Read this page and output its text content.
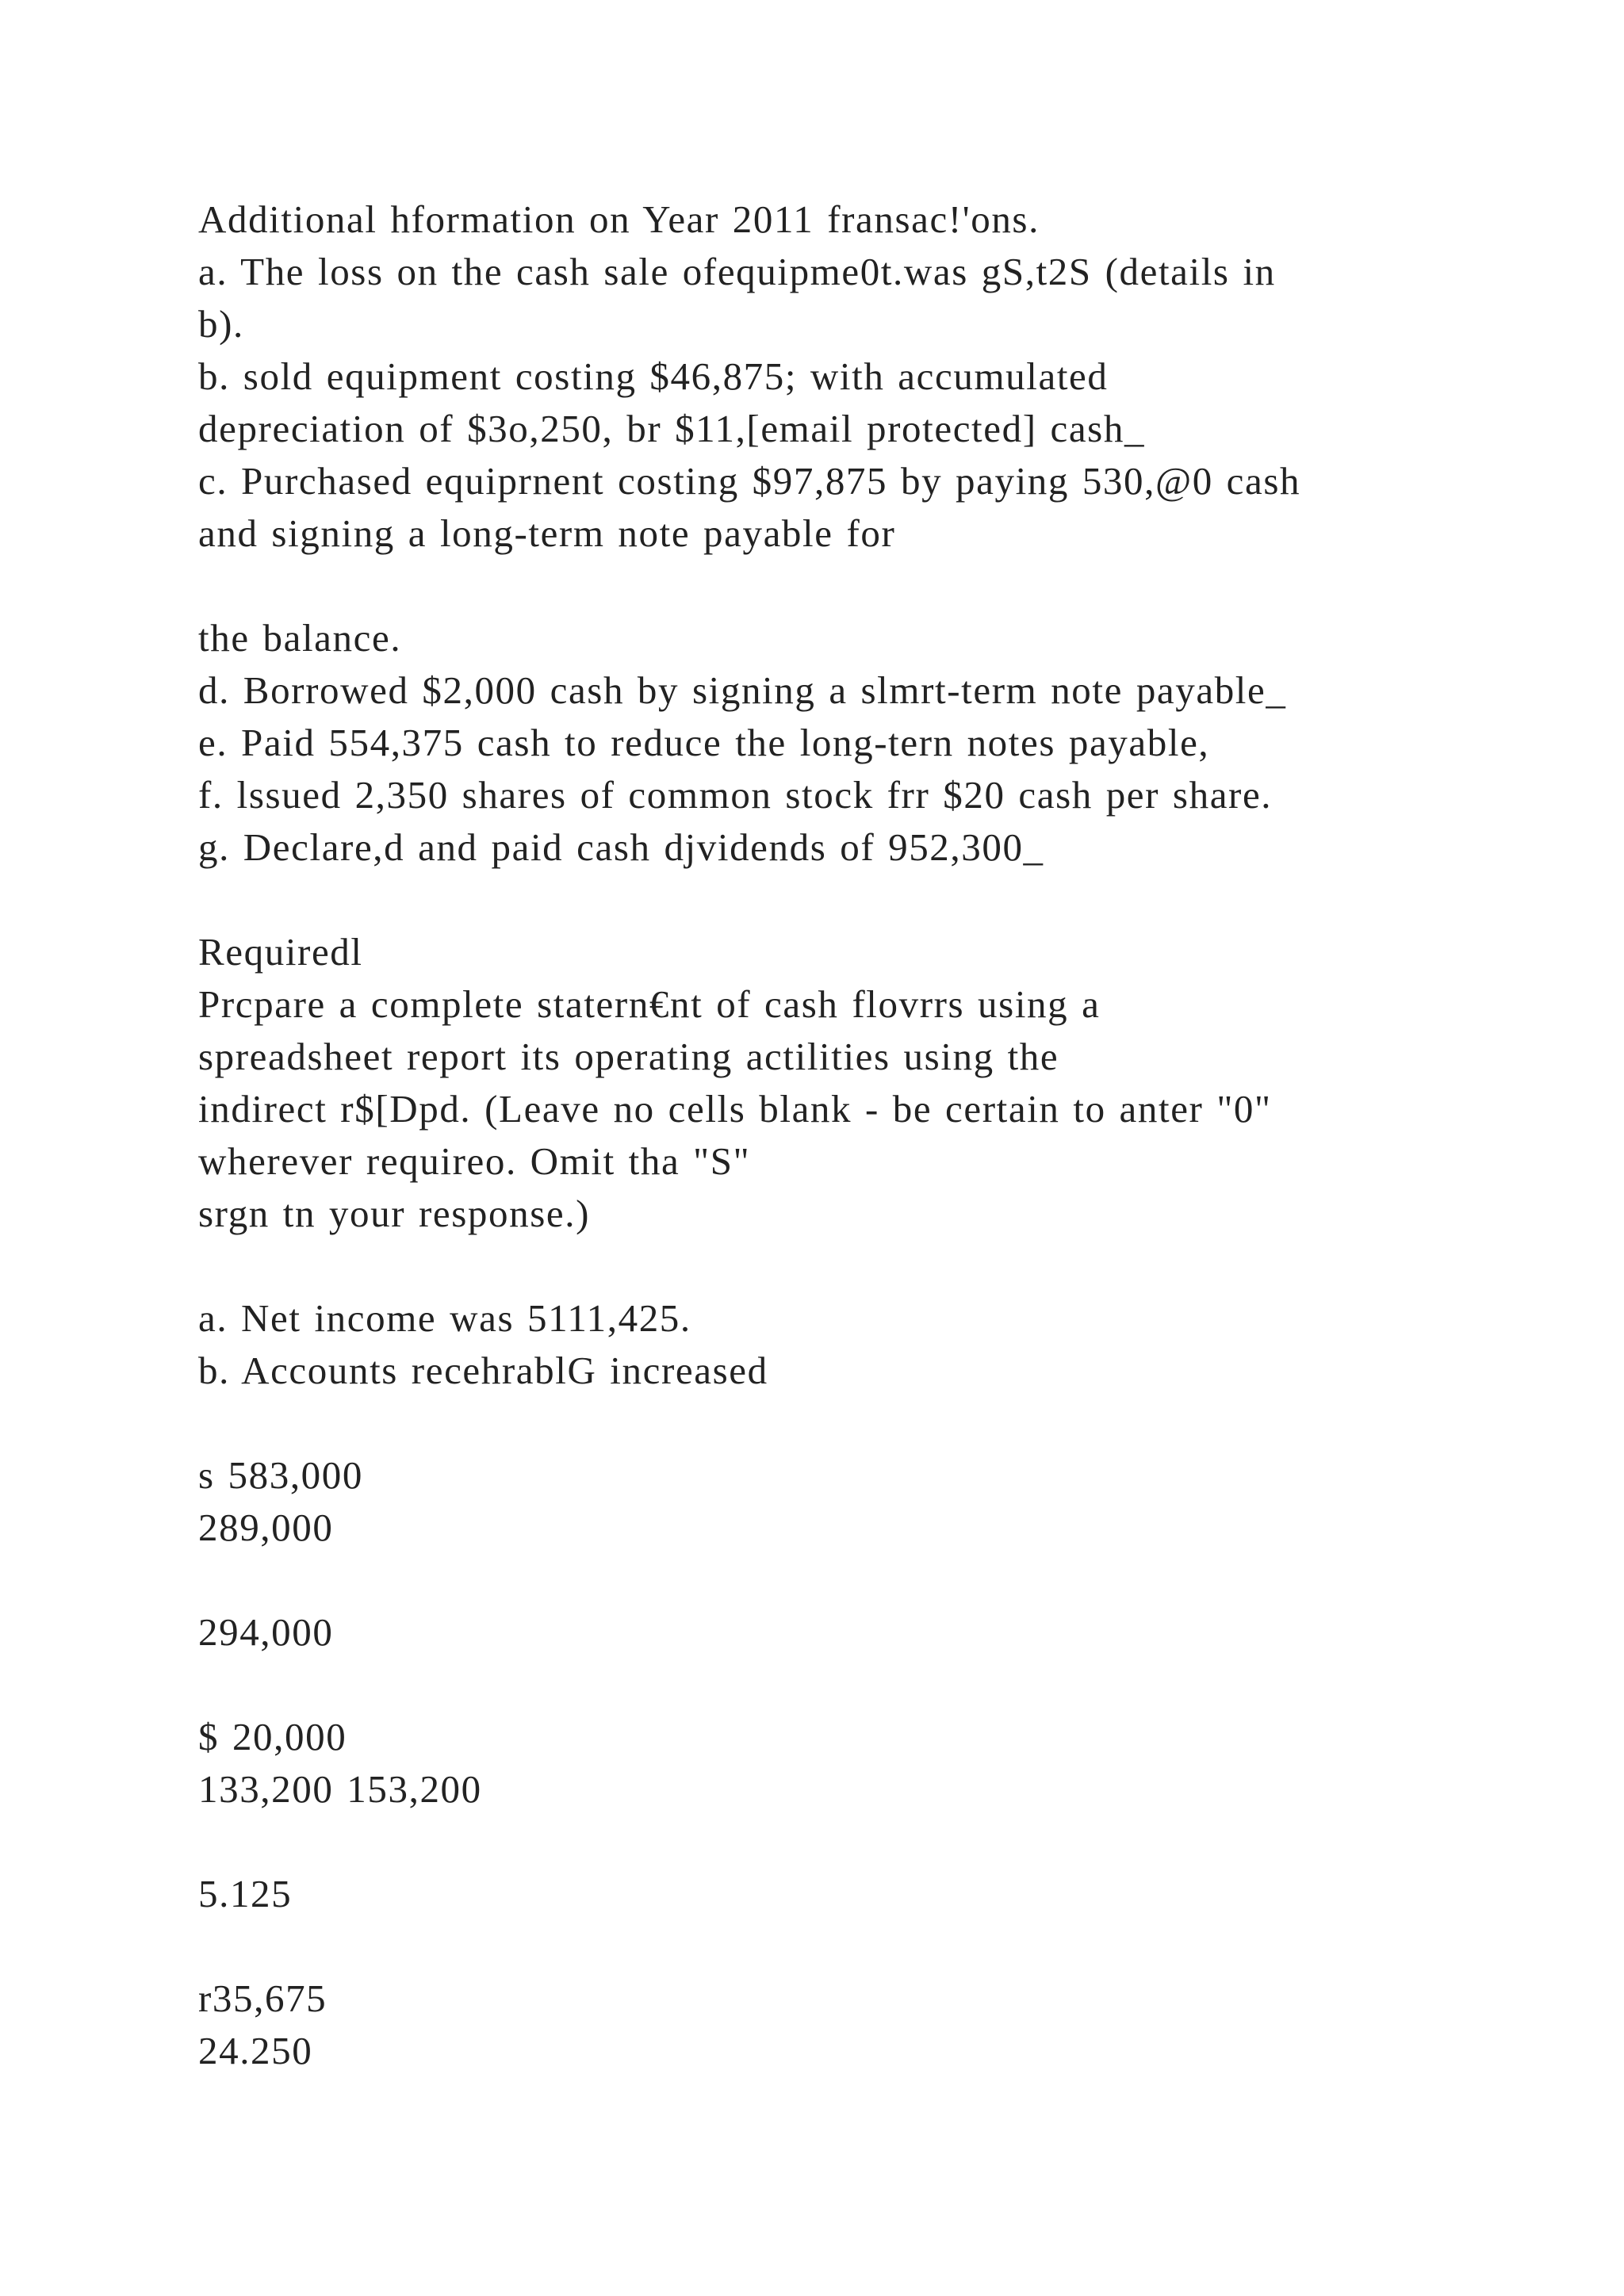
Additional hformation on Year 2011 fransac!'ons.
a. The loss on the cash sale ofequipme0t.was gS,t2S (details in
b).
b. sold equipment costing $46,875; with accumulated
depreciation of $3o,250, br $11,[email protected] cash_
c. Purchased equiprnent costing $97,875 by paying 530,@0 cash
and signing a long-term note payable for
the balance.
d. Borrowed $2,000 cash by signing a slmrt-term note payable_
e. Paid 554,375 cash to reduce the long-tern notes payable,
f. lssued 2,350 shares of common stock frr $20 cash per share.
g. Declare,d and paid cash djvidends of 952,300_
Requiredl
Prcpare a complete statern€nt of cash flovrrs using a
spreadsheet report its operating actilities using the
indirect r$[Dpd. (Leave no cells blank - be certain to anter "0"
wherever requireo. Omit tha "S"
srgn tn your response.)
a. Net income was 5111,425.
b. Accounts recehrablG increased
s 583,000
289,000
294,000
$ 20,000
133,200 153,200
5.125
r35,675
24.250
